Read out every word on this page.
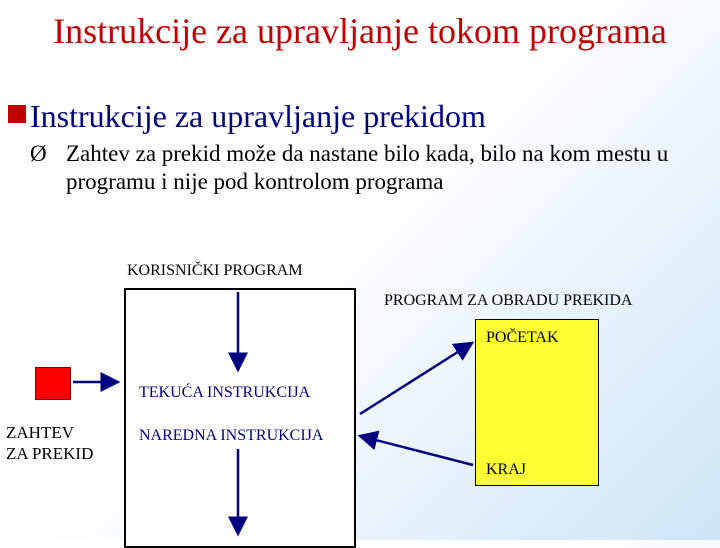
Instrukcije za upravljanje tokom programa
Instrukcije za upravljanje prekidom
Ø Zahtev za prekid može da nastane bilo kada, bilo na kom mestu u programu i nije pod kontrolom programa
KORISNIČKI PROGRAM
PROGRAM ZA OBRADU PREKIDA
POČETAK
KRAJ
TEKUĆA INSTRUKCIJA
NAREDNA INSTRUKCIJA
ZAHTEV
ZA PREKID
